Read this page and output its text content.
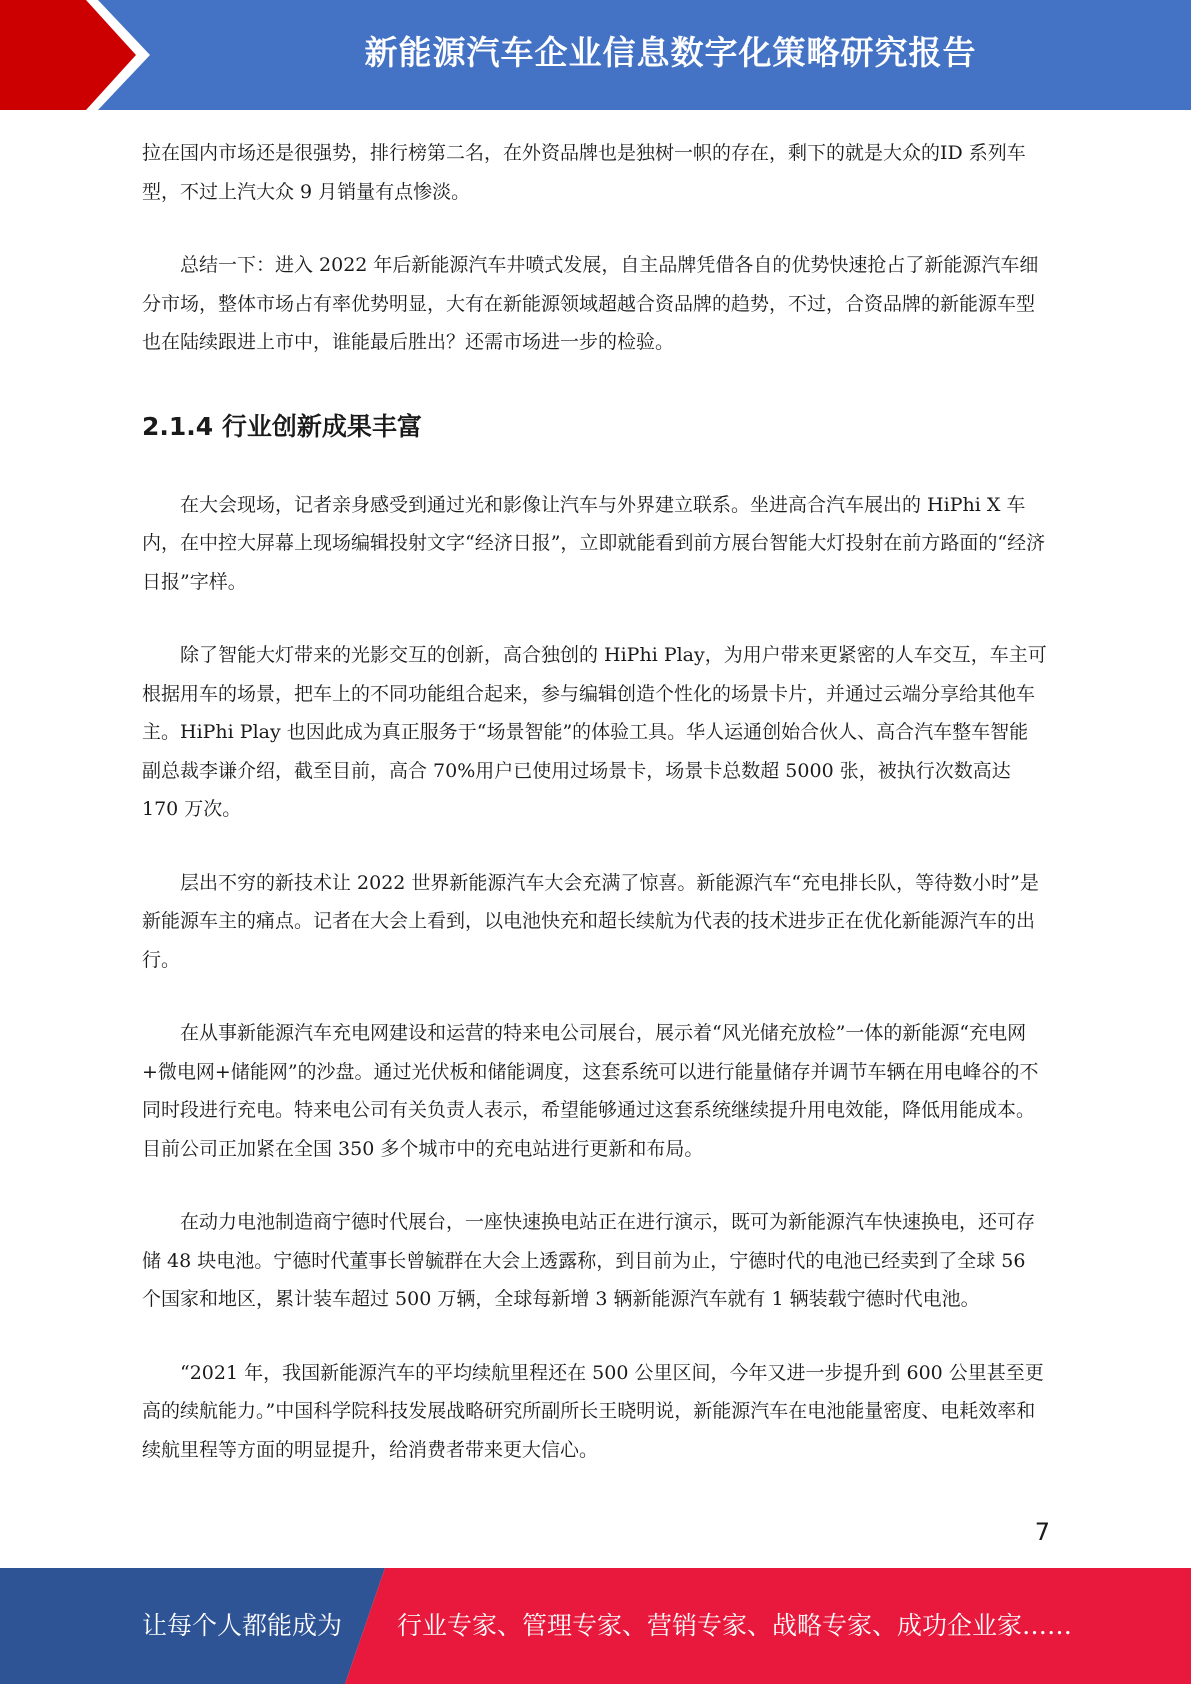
新能源汽车企业信息数字化策略研究报告

拉在国内市场还是很强势，排行榜第二名，在外资品牌也是独树一帜的存在，剩下的就是大众的ID 系列车型，不过上汽大众 9 月销量有点惨淡。

总结一下：进入 2022 年后新能源汽车井喷式发展，自主品牌凭借各自的优势快速抢占了新能源汽车细分市场，整体市场占有率优势明显，大有在新能源领域超越合资品牌的趋势，不过，合资品牌的新能源车型也在陆续跟进上市中，谁能最后胜出？还需市场进一步的检验。

2.1.4 行业创新成果丰富

在大会现场，记者亲身感受到通过光和影像让汽车与外界建立联系。坐进高合汽车展出的 HiPhi X 车内，在中控大屏幕上现场编辑投射文字“经济日报”，立即就能看到前方展台智能大灯投射在前方路面的“经济日报”字样。

除了智能大灯带来的光影交互的创新，高合独创的 HiPhi Play，为用户带来更紧密的人车交互，车主可根据用车的场景，把车上的不同功能组合起来，参与编辑创造个性化的场景卡片，并通过云端分享给其他车主。HiPhi Play 也因此成为真正服务于“场景智能”的体验工具。华人运通创始合伙人、高合汽车整车智能副总裁李谦介绍，截至目前，高合 70%用户已使用过场景卡，场景卡总数超 5000 张，被执行次数高达 170 万次。

层出不穷的新技术让 2022 世界新能源汽车大会充满了惊喜。新能源汽车“充电排长队，等待数小时”是新能源车主的痛点。记者在大会上看到，以电池快充和超长续航为代表的技术进步正在优化新能源汽车的出行。

在从事新能源汽车充电网建设和运营的特来电公司展台，展示着“风光储充放检”一体的新能源“充电网+微电网+储能网”的沙盘。通过光伏板和储能调度，这套系统可以进行能量储存并调节车辆在用电峰谷的不同时段进行充电。特来电公司有关负责人表示，希望能够通过这套系统继续提升用电效能，降低用能成本。目前公司正加紧在全国 350 多个城市中的充电站进行更新和布局。

在动力电池制造商宁德时代展台，一座快速换电站正在进行演示，既可为新能源汽车快速换电，还可存储 48 块电池。宁德时代董事长曾毓群在大会上透露称，到目前为止，宁德时代的电池已经卖到了全球 56 个国家和地区，累计装车超过 500 万辆，全球每新增 3 辆新能源汽车就有 1 辆装载宁德时代电池。

“2021 年，我国新能源汽车的平均续航里程还在 500 公里区间，今年又进一步提升到 600 公里甚至更高的续航能力。”中国科学院科技发展战略研究所副所长王晓明说，新能源汽车在电池能量密度、电耗效率和续航里程等方面的明显提升，给消费者带来更大信心。

7
让每个人都能成为 行业专家、管理专家、营销专家、战略专家、成功企业家……
